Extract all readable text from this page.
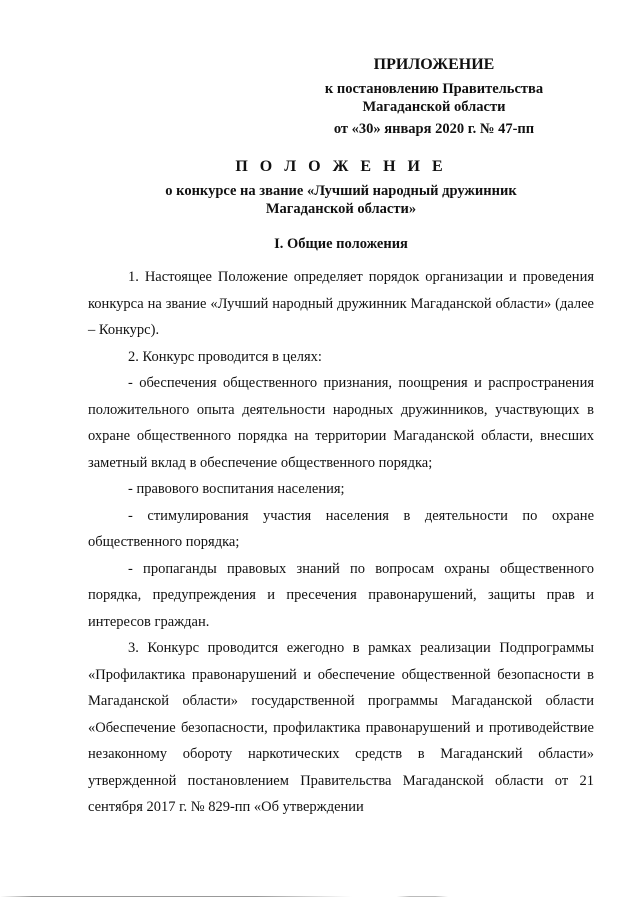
ПРИЛОЖЕНИЕ
к постановлению Правительства
Магаданской области
от «30» января 2020 г. № 47-пп
П О Л О Ж Е Н И Е
о конкурсе на звание «Лучший народный дружинник
Магаданской области»
I. Общие положения
1. Настоящее Положение определяет порядок организации и проведения конкурса на звание «Лучший народный дружинник Магаданской области» (далее – Конкурс).
2. Конкурс проводится в целях:
- обеспечения общественного признания, поощрения и распространения положительного опыта деятельности народных дружинников, участвующих в охране общественного порядка на территории Магаданской области, внесших заметный вклад в обеспечение общественного порядка;
- правового воспитания населения;
- стимулирования участия населения в деятельности по охране общественного порядка;
- пропаганды правовых знаний по вопросам охраны общественного порядка, предупреждения и пресечения правонарушений, защиты прав и интересов граждан.
3. Конкурс проводится ежегодно в рамках реализации Подпрограммы «Профилактика правонарушений и обеспечение общественной безопасности в Магаданской области» государственной программы Магаданской области «Обеспечение безопасности, профилактика правонарушений и противодействие незаконному обороту наркотических средств в Магаданский области» утвержденной постановлением Правительства Магаданской области от 21 сентября 2017 г. № 829-пп «Об утверждении
